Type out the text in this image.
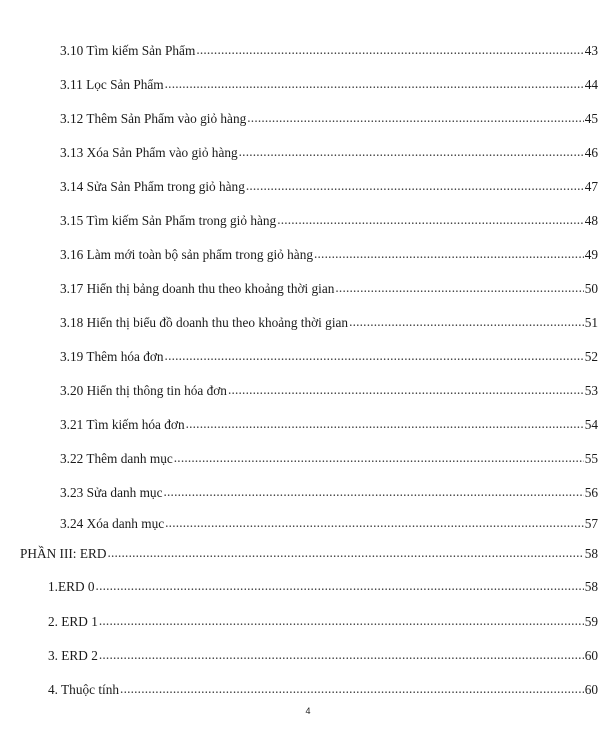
3.10 Tìm kiếm Sản Phẩm .....	43
3.11 Lọc Sản Phẩm .....	44
3.12 Thêm Sản Phẩm vào giỏ hàng .....	45
3.13 Xóa Sản Phẩm vào giỏ hàng .....	46
3.14 Sửa Sản Phẩm trong giỏ hàng .....	47
3.15 Tìm kiếm Sản Phẩm trong giỏ hàng .....	48
3.16 Làm mới toàn bộ sản phẩm trong giỏ hàng .....	49
3.17 Hiển thị bảng doanh thu theo khoảng thời gian .....	50
3.18 Hiển thị biểu đồ doanh thu theo khoảng thời gian .....	51
3.19 Thêm hóa đơn .....	52
3.20 Hiển thị thông tin hóa đơn .....	53
3.21 Tìm kiếm hóa đơn .....	54
3.22 Thêm danh mục .....	55
3.23 Sửa danh mục .....	56
3.24 Xóa danh mục .....	57
PHẦN III: ERD .....	58
1.ERD 0 .....	58
2. ERD 1 .....	59
3. ERD 2 .....	60
4. Thuộc tính .....	60
4
